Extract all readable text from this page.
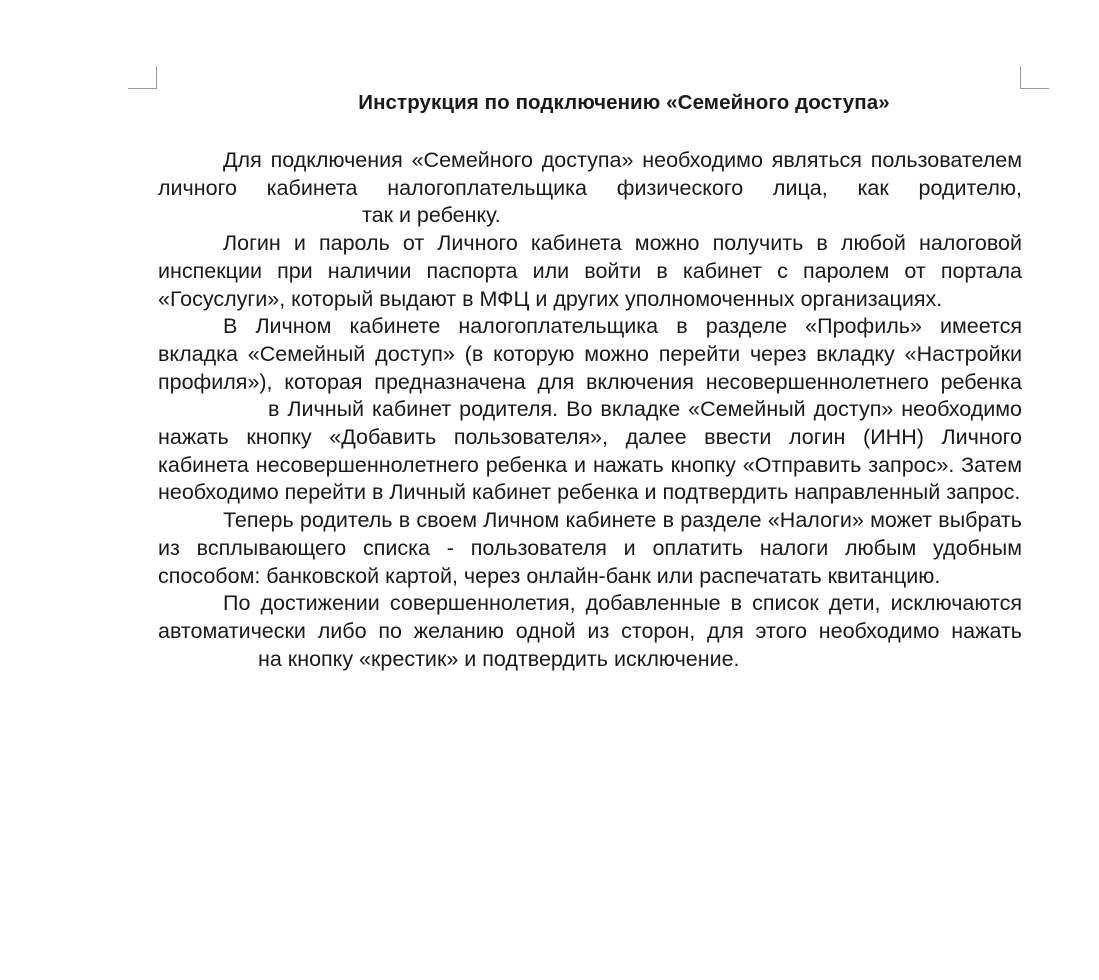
Инструкция по подключению «Семейного доступа»

Для подключения «Семейного доступа» необходимо являться пользователем личного кабинета налогоплательщика физического лица, как родителю,так и ребенку.

Логин и пароль от Личного кабинета можно получить в любой налоговой инспекции при наличии паспорта или войти в кабинет с паролем от портала «Госуслуги», который выдают в МФЦ и других уполномоченных организациях.

В Личном кабинете налогоплательщика в разделе «Профиль» имеется вкладка «Семейный доступ» (в которую можно перейти через вкладку «Настройки профиля»), которая предназначена для включения несовершеннолетнего ребенкав Личный кабинет родителя. Во вкладке «Семейный доступ» необходимо нажать кнопку «Добавить пользователя», далее ввести логин (ИНН) Личного кабинета несовершеннолетнего ребенка и нажать кнопку «Отправить запрос». Затем необходимо перейти в Личный кабинет ребенка и подтвердить направленный запрос.

Теперь родитель в своем Личном кабинете в разделе «Налоги» может выбрать из всплывающего списка - пользователя и оплатить налоги любым удобным способом: банковской картой, через онлайн-банк или распечатать квитанцию.

По достижении совершеннолетия, добавленные в список дети, исключаются автоматически либо по желанию одной из сторон, для этого необходимо нажатьна кнопку «крестик» и подтвердить исключение.
